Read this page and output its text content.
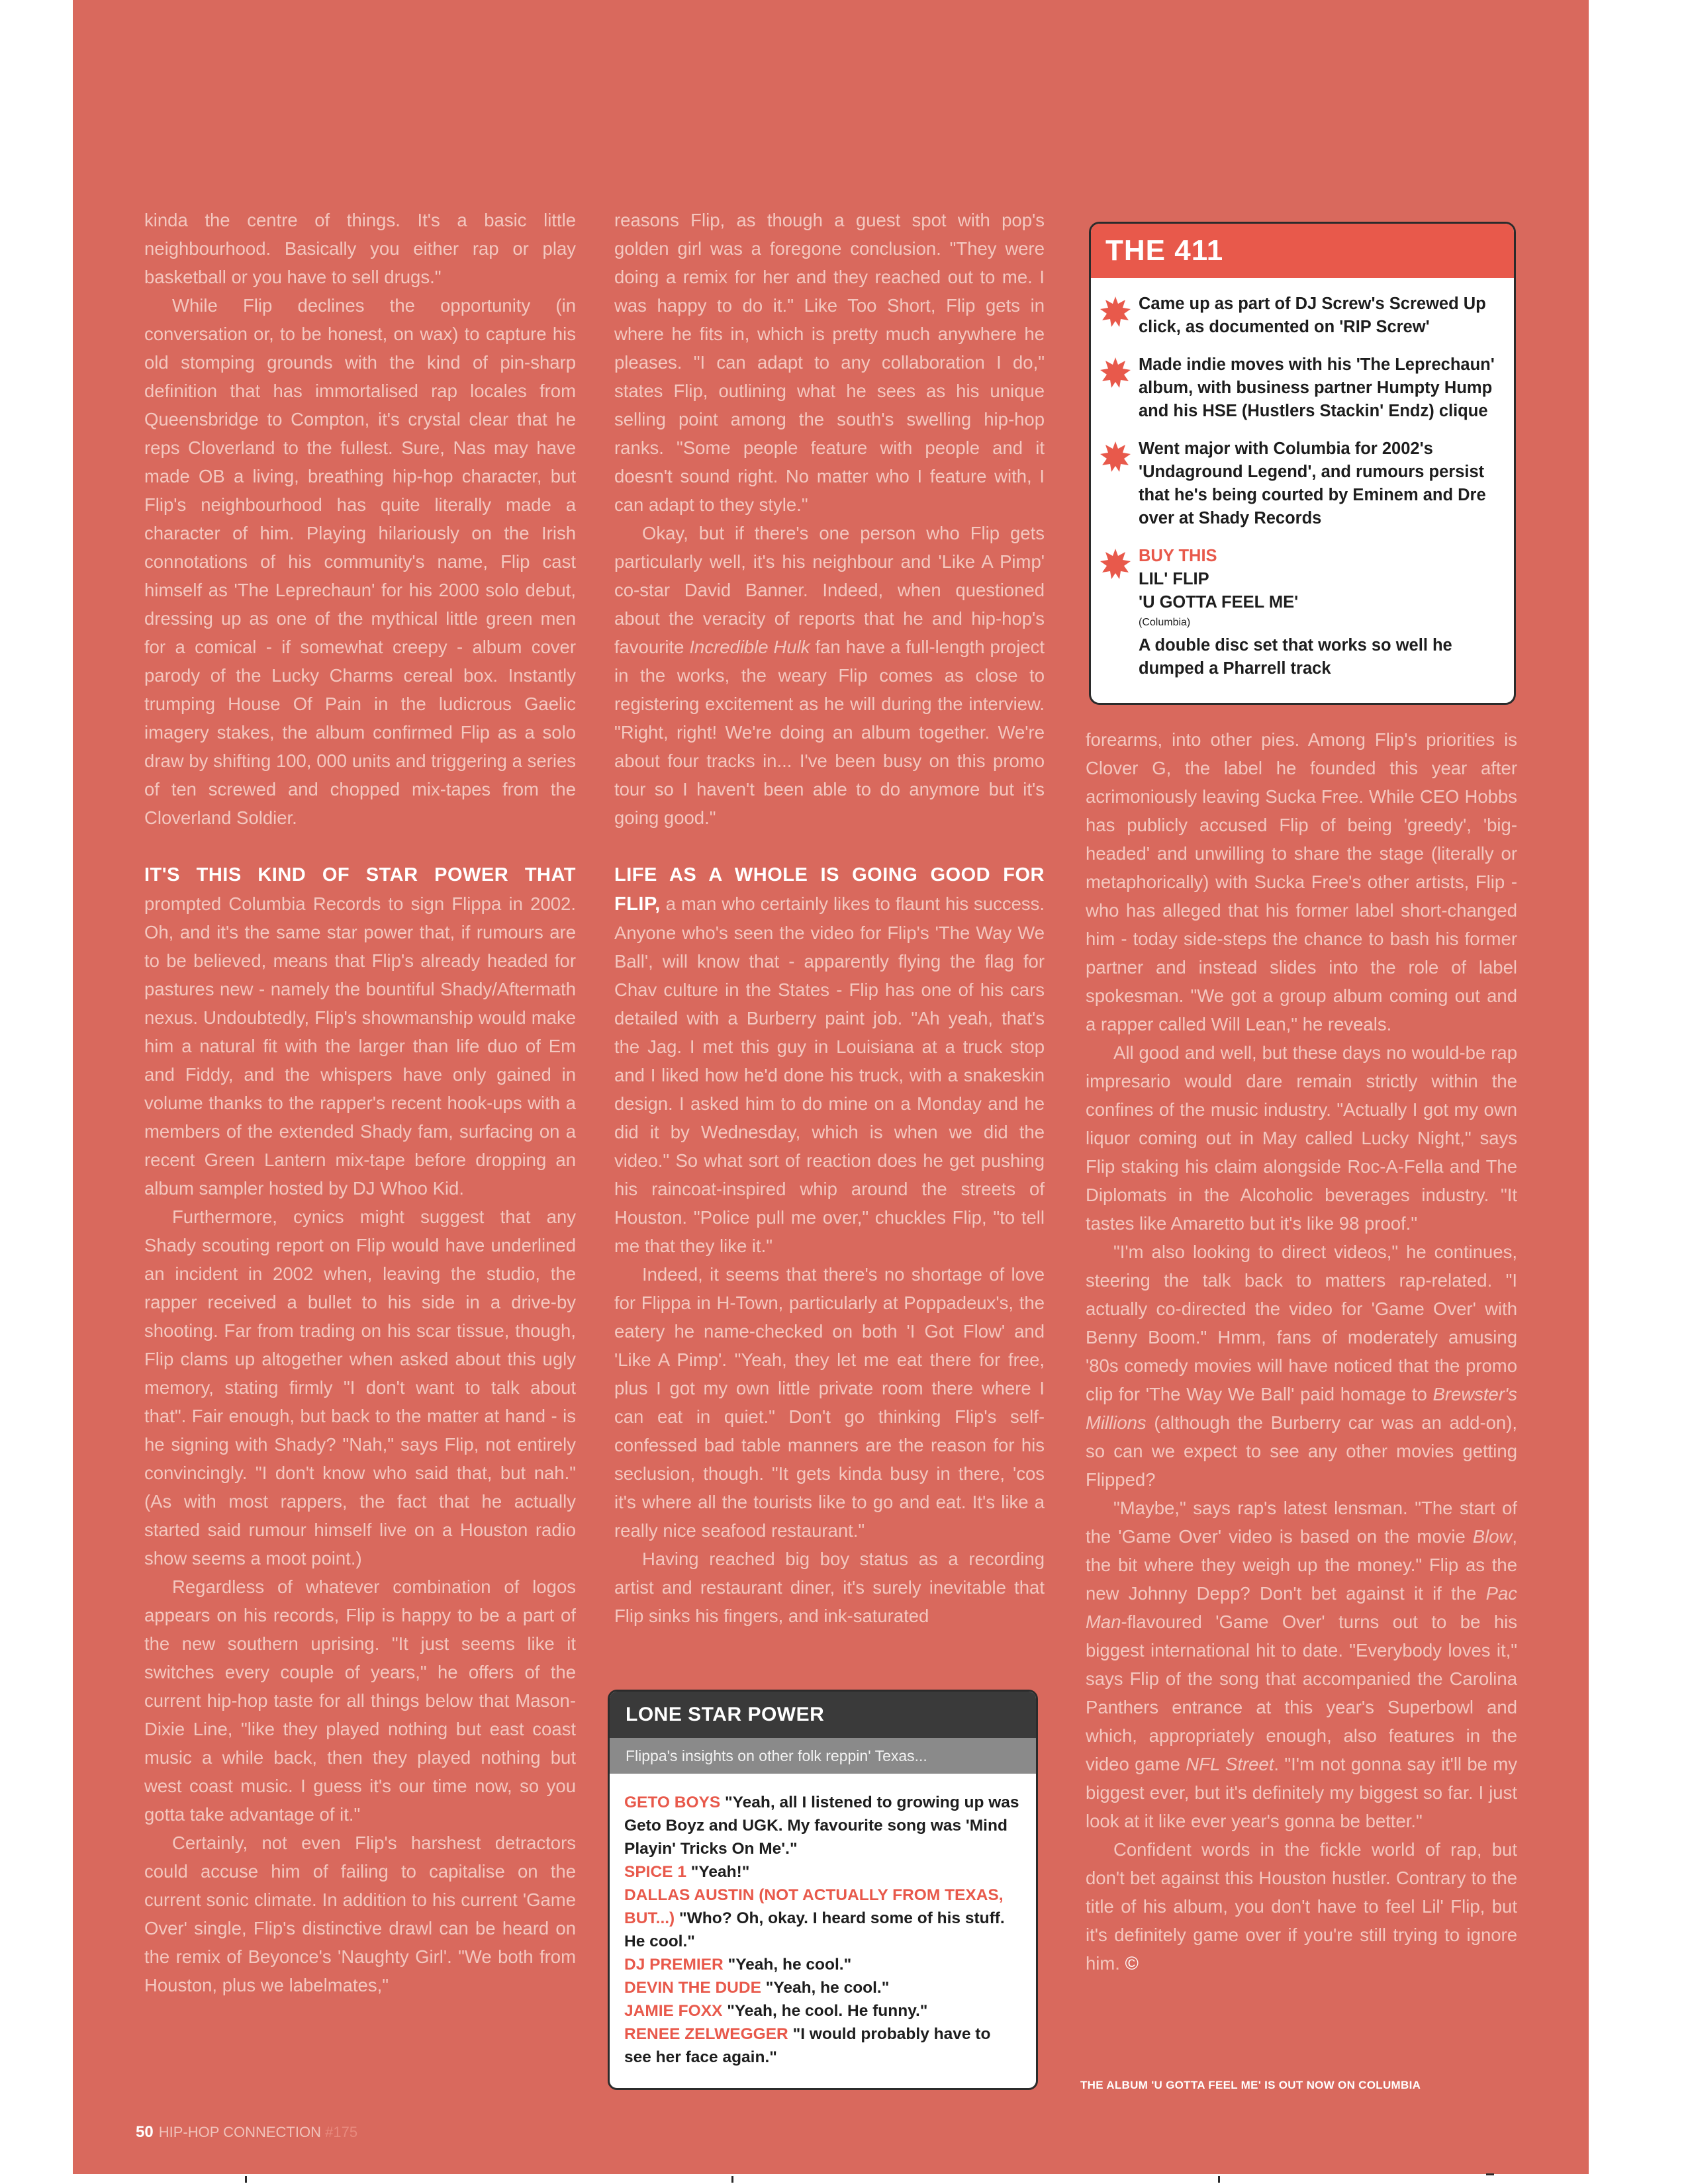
kinda the centre of things. It's a basic little neighbourhood. Basically you either rap or play basketball or you have to sell drugs."

While Flip declines the opportunity (in conversation or, to be honest, on wax) to capture his old stomping grounds with the kind of pin-sharp definition that has immortalised rap locales from Queensbridge to Compton, it's crystal clear that he reps Cloverland to the fullest. Sure, Nas may have made OB a living, breathing hip-hop character, but Flip's neighbourhood has quite literally made a character of him. Playing hilariously on the Irish connotations of his community's name, Flip cast himself as 'The Leprechaun' for his 2000 solo debut, dressing up as one of the mythical little green men for a comical - if somewhat creepy - album cover parody of the Lucky Charms cereal box. Instantly trumping House Of Pain in the ludicrous Gaelic imagery stakes, the album confirmed Flip as a solo draw by shifting 100, 000 units and triggering a series of ten screwed and chopped mix-tapes from the Cloverland Soldier.

IT'S THIS KIND OF STAR POWER THAT prompted Columbia Records to sign Flippa in 2002. Oh, and it's the same star power that, if rumours are to be believed, means that Flip's already headed for pastures new - namely the bountiful Shady/Aftermath nexus. Undoubtedly, Flip's showmanship would make him a natural fit with the larger than life duo of Em and Fiddy, and the whispers have only gained in volume thanks to the rapper's recent hook-ups with a members of the extended Shady fam, surfacing on a recent Green Lantern mix-tape before dropping an album sampler hosted by DJ Whoo Kid.

Furthermore, cynics might suggest that any Shady scouting report on Flip would have underlined an incident in 2002 when, leaving the studio, the rapper received a bullet to his side in a drive-by shooting. Far from trading on his scar tissue, though, Flip clams up altogether when asked about this ugly memory, stating firmly "I don't want to talk about that". Fair enough, but back to the matter at hand - is he signing with Shady? "Nah," says Flip, not entirely convincingly. "I don't know who said that, but nah." (As with most rappers, the fact that he actually started said rumour himself live on a Houston radio show seems a moot point.)

Regardless of whatever combination of logos appears on his records, Flip is happy to be a part of the new southern uprising. "It just seems like it switches every couple of years," he offers of the current hip-hop taste for all things below that Mason-Dixie Line, "like they played nothing but east coast music a while back, then they played nothing but west coast music. I guess it's our time now, so you gotta take advantage of it."

Certainly, not even Flip's harshest detractors could accuse him of failing to capitalise on the current sonic climate. In addition to his current 'Game Over' single, Flip's distinctive drawl can be heard on the remix of Beyonce's 'Naughty Girl'. "We both from Houston, plus we labelmates,"

reasons Flip, as though a guest spot with pop's golden girl was a foregone conclusion. "They were doing a remix for her and they reached out to me. I was happy to do it." Like Too Short, Flip gets in where he fits in, which is pretty much anywhere he pleases. "I can adapt to any collaboration I do," states Flip, outlining what he sees as his unique selling point among the south's swelling hip-hop ranks. "Some people feature with people and it doesn't sound right. No matter who I feature with, I can adapt to they style."

Okay, but if there's one person who Flip gets particularly well, it's his neighbour and 'Like A Pimp' co-star David Banner. Indeed, when questioned about the veracity of reports that he and hip-hop's favourite Incredible Hulk fan have a full-length project in the works, the weary Flip comes as close to registering excitement as he will during the interview. "Right, right! We're doing an album together. We're about four tracks in... I've been busy on this promo tour so I haven't been able to do anymore but it's going good."

LIFE AS A WHOLE IS GOING GOOD FOR FLIP, a man who certainly likes to flaunt his success. Anyone who's seen the video for Flip's 'The Way We Ball', will know that - apparently flying the flag for Chav culture in the States - Flip has one of his cars detailed with a Burberry paint job. "Ah yeah, that's the Jag. I met this guy in Louisiana at a truck stop and I liked how he'd done his truck, with a snakeskin design. I asked him to do mine on a Monday and he did it by Wednesday, which is when we did the video." So what sort of reaction does he get pushing his raincoat-inspired whip around the streets of Houston. "Police pull me over," chuckles Flip, "to tell me that they like it."

Indeed, it seems that there's no shortage of love for Flippa in H-Town, particularly at Poppadeux's, the eatery he name-checked on both 'I Got Flow' and 'Like A Pimp'. "Yeah, they let me eat there for free, plus I got my own little private room there where I can eat in quiet." Don't go thinking Flip's self-confessed bad table manners are the reason for his seclusion, though. "It gets kinda busy in there, 'cos it's where all the tourists like to go and eat. It's like a really nice seafood restaurant."

Having reached big boy status as a recording artist and restaurant diner, it's surely inevitable that Flip sinks his fingers, and ink-saturated

forearms, into other pies. Among Flip's priorities is Clover G, the label he founded this year after acrimoniously leaving Sucka Free. While CEO Hobbs has publicly accused Flip of being 'greedy', 'big-headed' and unwilling to share the stage (literally or metaphorically) with Sucka Free's other artists, Flip - who has alleged that his former label short-changed him - today side-steps the chance to bash his former partner and instead slides into the role of label spokesman. "We got a group album coming out and a rapper called Will Lean," he reveals.

All good and well, but these days no would-be rap impresario would dare remain strictly within the confines of the music industry. "Actually I got my own liquor coming out in May called Lucky Night," says Flip staking his claim alongside Roc-A-Fella and The Diplomats in the Alcoholic beverages industry. "It tastes like Amaretto but it's like 98 proof."

"I'm also looking to direct videos," he continues, steering the talk back to matters rap-related. "I actually co-directed the video for 'Game Over' with Benny Boom." Hmm, fans of moderately amusing '80s comedy movies will have noticed that the promo clip for 'The Way We Ball' paid homage to Brewster's Millions (although the Burberry car was an add-on), so can we expect to see any other movies getting Flipped?

"Maybe," says rap's latest lensman. "The start of the 'Game Over' video is based on the movie Blow, the bit where they weigh up the money." Flip as the new Johnny Depp? Don't bet against it if the Pac Man-flavoured 'Game Over' turns out to be his biggest international hit to date. "Everybody loves it," says Flip of the song that accompanied the Carolina Panthers entrance at this year's Superbowl and which, appropriately enough, also features in the video game NFL Street. "I'm not gonna say it'll be my biggest ever, but it's definitely my biggest so far. I just look at it like ever year's gonna be better."

Confident words in the fickle world of rap, but don't bet against this Houston hustler. Contrary to the title of his album, you don't have to feel Lil' Flip, but it's definitely game over if you're still trying to ignore him. ©

THE ALBUM 'U GOTTA FEEL ME' IS OUT NOW ON COLUMBIA
THE 411
Came up as part of DJ Screw's Screwed Up click, as documented on 'RIP Screw'
Made indie moves with his 'The Leprechaun' album, with business partner Humpty Hump and his HSE (Hustlers Stackin' Endz) clique
Went major with Columbia for 2002's 'Undaground Legend', and rumours persist that he's being courted by Eminem and Dre over at Shady Records
BUY THIS
LIL' FLIP
'U GOTTA FEEL ME'
(Columbia)
A double disc set that works so well he dumped a Pharrell track
LONE STAR POWER
Flippa's insights on other folk reppin' Texas...
GETO BOYS "Yeah, all I listened to growing up was Geto Boyz and UGK. My favourite song was 'Mind Playin' Tricks On Me'."
SPICE 1 "Yeah!"
DALLAS AUSTIN (NOT ACTUALLY FROM TEXAS, BUT...) "Who? Oh, okay. I heard some of his stuff. He cool."
DJ PREMIER "Yeah, he cool."
DEVIN THE DUDE "Yeah, he cool."
JAMIE FOXX "Yeah, he cool. He funny."
RENEE ZELWEGGER "I would probably have to see her face again."
50 HIP-HOP CONNECTION #175
